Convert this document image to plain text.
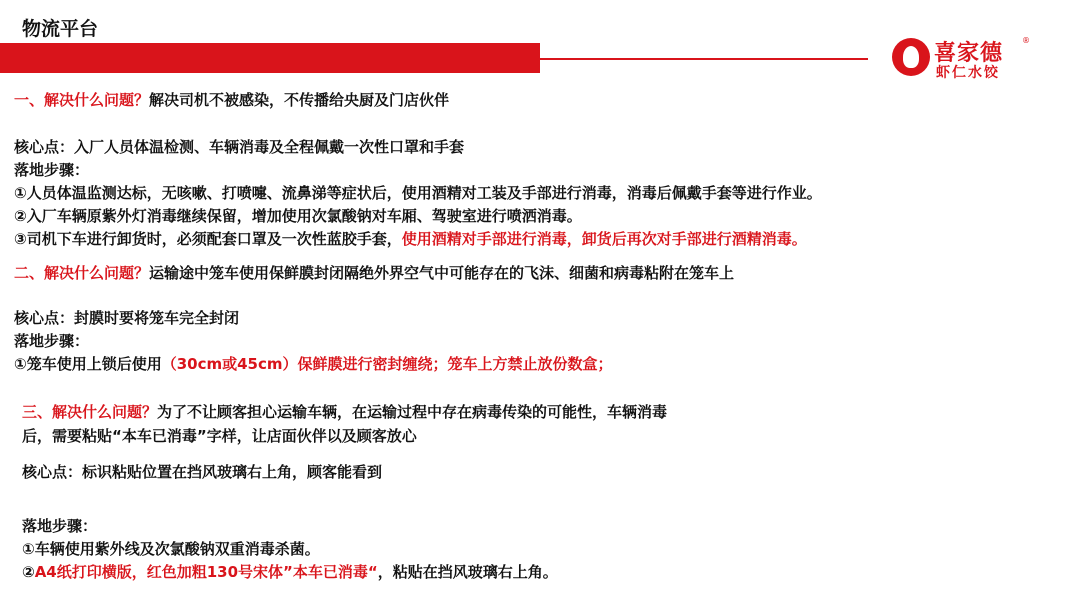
物流平台
喜家德
®
虾仁水饺
一、解决什么问题？解决司机不被感染，不传播给央厨及门店伙伴
核心点：入厂人员体温检测、车辆消毒及全程佩戴一次性口罩和手套
落地步骤：
①人员体温监测达标，无咳嗽、打喷嚏、流鼻涕等症状后，使用酒精对工装及手部进行消毒，消毒后佩戴手套等进行作业。
②入厂车辆原紫外灯消毒继续保留，增加使用次氯酸钠对车厢、驾驶室进行喷洒消毒。
③司机下车进行卸货时，必须配套口罩及一次性蓝胶手套，使用酒精对手部进行消毒，卸货后再次对手部进行酒精消毒。
二、解决什么问题？运输途中笼车使用保鲜膜封闭隔绝外界空气中可能存在的飞沫、细菌和病毒粘附在笼车上
核心点：封膜时要将笼车完全封闭
落地步骤：
①笼车使用上锁后使用（30cm或45cm）保鲜膜进行密封缠绕；笼车上方禁止放份数盒；
三、解决什么问题？为了不让顾客担心运输车辆，在运输过程中存在病毒传染的可能性，车辆消毒
后，需要粘贴“本车已消毒”字样，让店面伙伴以及顾客放心
核心点：标识粘贴位置在挡风玻璃右上角，顾客能看到
落地步骤：
①车辆使用紫外线及次氯酸钠双重消毒杀菌。
②A4纸打印横版，红色加粗130号宋体”本车已消毒“，粘贴在挡风玻璃右上角。
